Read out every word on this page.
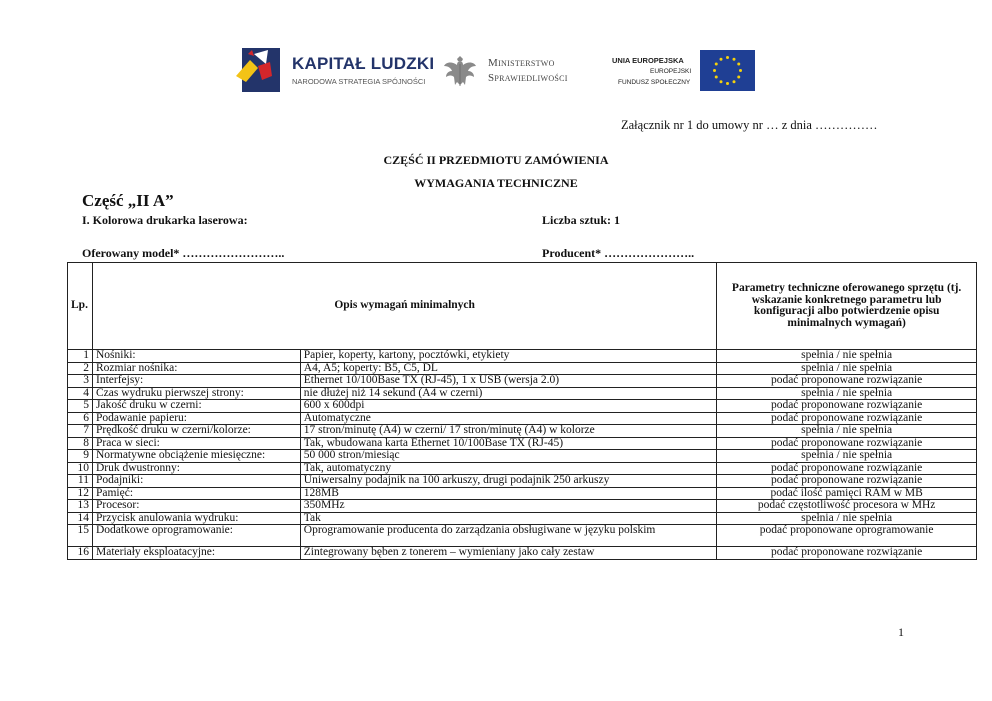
KAPITAŁ LUDZKI
NARODOWA STRATEGIA SPÓJNOŚCI
Ministerstwo
Sprawiedliwości
UNIA EUROPEJSKA
EUROPEJSKI
FUNDUSZ SPOŁECZNY
Załącznik nr 1 do umowy nr … z dnia ……………
CZĘŚĆ II PRZEDMIOTU ZAMÓWIENIA
WYMAGANIA TECHNICZNE
Część „II A”
I. Kolorowa drukarka laserowa:	Liczba sztuk: 1
Oferowany model* ……………………..	Producent* …………………..
Lp.	Opis wymagań minimalnych		Parametry techniczne oferowanego sprzętu (tj. wskazanie konkretnego parametru lub konfiguracji albo potwierdzenie opisu minimalnych wymagań)
1	Nośniki:	Papier, koperty, kartony, pocztówki, etykiety	spełnia / nie spełnia
2	Rozmiar nośnika:	A4, A5; koperty: B5, C5, DL	spełnia / nie spełnia
3	Interfejsy:	Ethernet 10/100Base TX (RJ-45), 1 x USB (wersja 2.0)	podać proponowane rozwiązanie
4	Czas wydruku pierwszej strony:	nie dłużej niż 14 sekund (A4 w czerni)	spełnia / nie spełnia
5	Jakość druku w czerni:	600 x 600dpi	podać proponowane rozwiązanie
6	Podawanie papieru:	Automatyczne	podać proponowane rozwiązanie
7	Prędkość druku w czerni/kolorze:	17 stron/minutę (A4) w czerni/ 17 stron/minutę (A4) w kolorze	spełnia / nie spełnia
8	Praca w sieci:	Tak, wbudowana karta Ethernet 10/100Base TX (RJ-45)	podać proponowane rozwiązanie
9	Normatywne obciążenie miesięczne:	50 000 stron/miesiąc	spełnia / nie spełnia
10	Druk dwustronny:	Tak, automatyczny	podać proponowane rozwiązanie
11	Podajniki:	Uniwersalny podajnik na 100 arkuszy, drugi podajnik 250 arkuszy	podać proponowane rozwiązanie
12	Pamięć:	128MB	podać ilość pamięci RAM w MB
13	Procesor:	350MHz	podać częstotliwość procesora w MHz
14	Przycisk anulowania wydruku:	Tak	spełnia / nie spełnia
15	Dodatkowe oprogramowanie:	Oprogramowanie producenta do zarządzania obsługiwane w języku polskim	podać proponowane oprogramowanie
16	Materiały eksploatacyjne:	Zintegrowany bęben z tonerem – wymieniany jako cały zestaw	podać proponowane rozwiązanie
1
